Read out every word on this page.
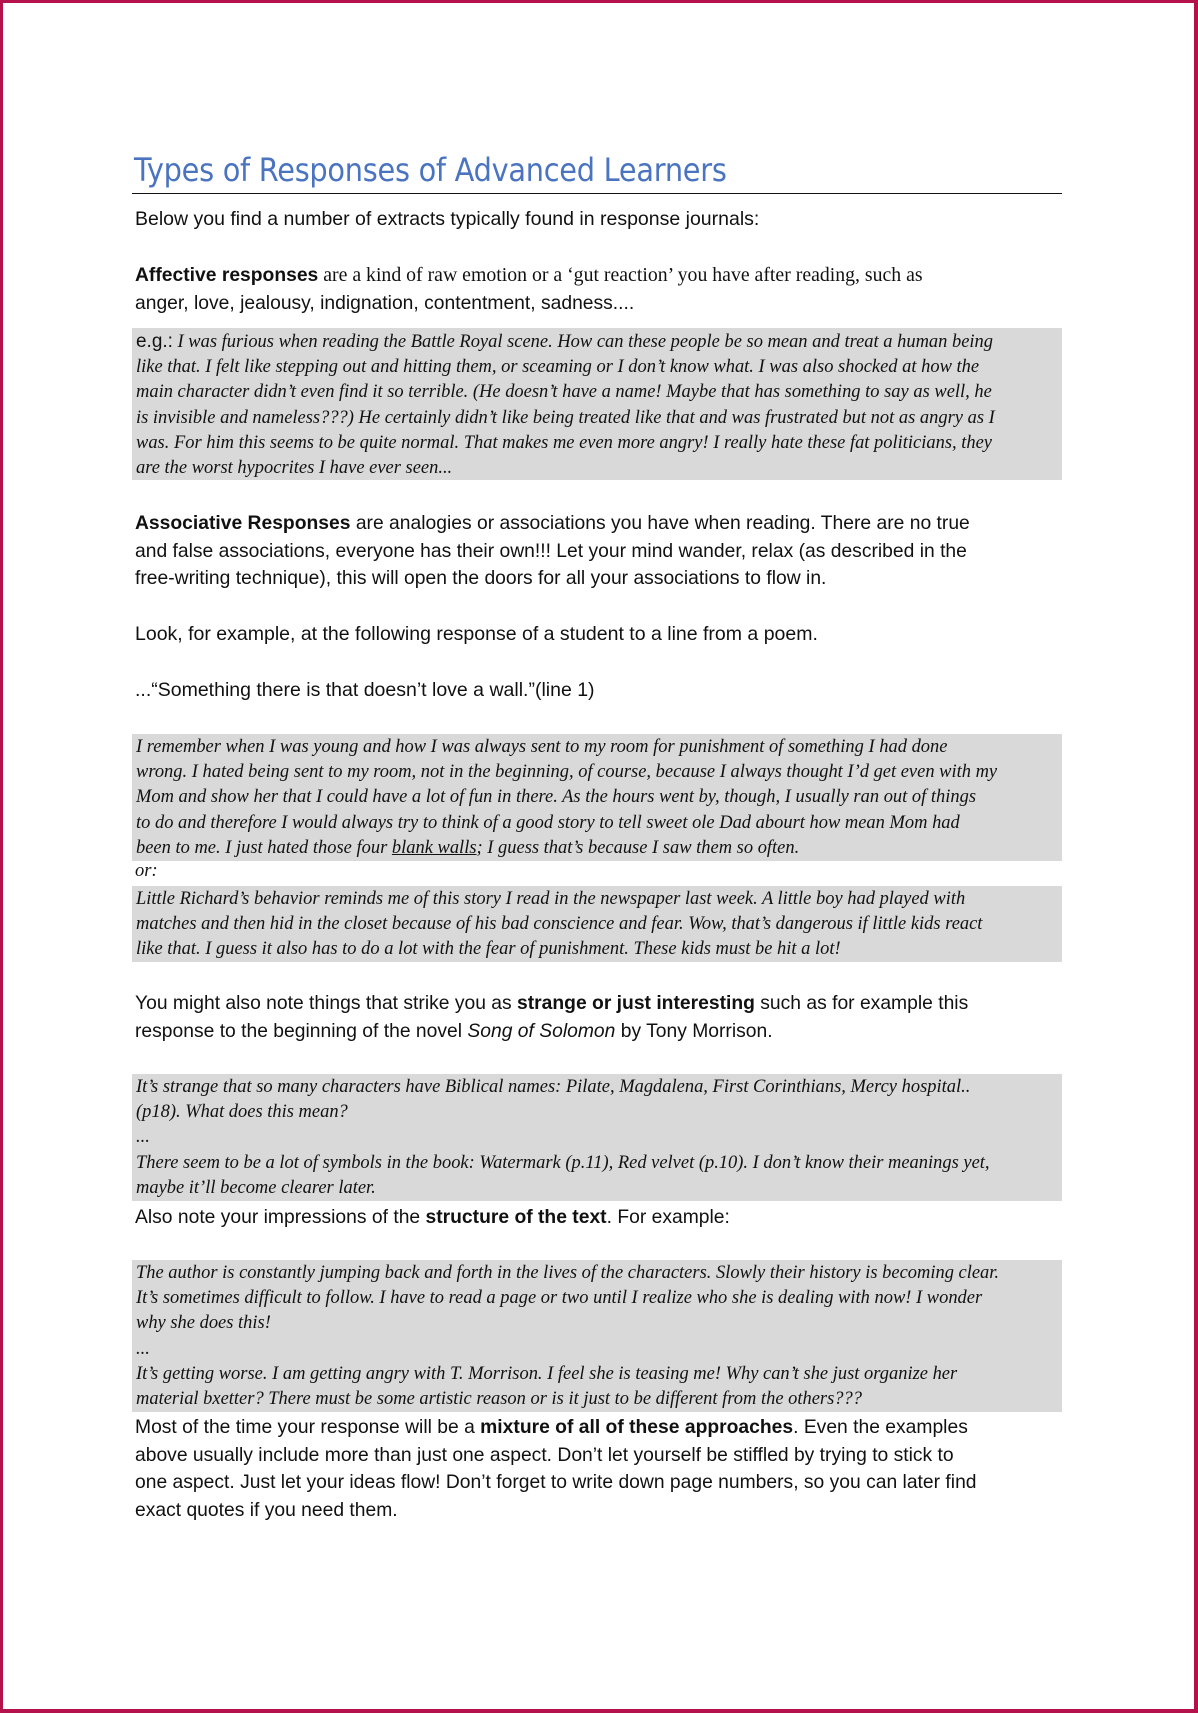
Types of Responses of Advanced Learners
Below you find a number of extracts typically found in response journals:
Affective responses are a kind of raw emotion or a ‘gut reaction’ you have after reading, such as
anger, love, jealousy, indignation, contentment, sadness....
e.g.: I was furious when reading the Battle Royal scene. How can these people be so mean and treat a human being
like that. I felt like stepping out and hitting them, or sceaming or I don’t know what. I was also shocked at how the
main character didn’t even find it so terrible. (He doesn’t have a name! Maybe that has something to say as well, he
is invisible and nameless???) He certainly didn’t like being treated like that and was frustrated but not as angry as I
was. For him this seems to be quite normal. That makes me even more angry! I really hate these fat politicians, they
are the worst hypocrites I have ever seen...
Associative Responses are analogies or associations you have when reading. There are no true
and false associations, everyone has their own!!! Let your mind wander, relax (as described in the
free-writing technique), this will open the doors for all your associations to flow in.
Look, for example, at the following response of a student to a line from a poem.
...“Something there is that doesn’t love a wall.”(line 1)
I remember when I was young and how I was always sent to my room for punishment of something I had done
wrong. I hated being sent to my room, not in the beginning, of course, because I always thought I’d get even with my
Mom and show her that I could have a lot of fun in there. As the hours went by, though, I usually ran out of things
to do and therefore I would always try to think of a good story to tell sweet ole Dad abourt how mean Mom had
been to me. I just hated those four blank walls; I guess that’s because I saw them so often.
or:
Little Richard’s behavior reminds me of this story I read in the newspaper last week. A little boy had played with
matches and then hid in the closet because of his bad conscience and fear. Wow, that’s dangerous if little kids react
like that. I guess it also has to do a lot with the fear of punishment. These kids must be hit a lot!
You might also note things that strike you as strange or just interesting such as for example this
response to the beginning of the novel Song of Solomon by Tony Morrison.
It’s strange that so many characters have Biblical names: Pilate, Magdalena, First Corinthians, Mercy hospital..
(p18). What does this mean?
...
There seem to be a lot of symbols in the book: Watermark (p.11), Red velvet (p.10). I don’t know their meanings yet,
maybe it’ll become clearer later.
Also note your impressions of the structure of the text. For example:
The author is constantly jumping back and forth in the lives of the characters. Slowly their history is becoming clear.
It’s sometimes difficult to follow. I have to read a page or two until I realize who she is dealing with now! I wonder
why she does this!
...
It’s getting worse. I am getting angry with T. Morrison. I feel she is teasing me! Why can’t she just organize her
material bxetter? There must be some artistic reason or is it just to be different from the others???
Most of the time your response will be a mixture of all of these approaches. Even the examples
above usually include more than just one aspect. Don’t let yourself be stiffled by trying to stick to
one aspect. Just let your ideas flow! Don’t forget to write down page numbers, so you can later find
exact quotes if you need them.
